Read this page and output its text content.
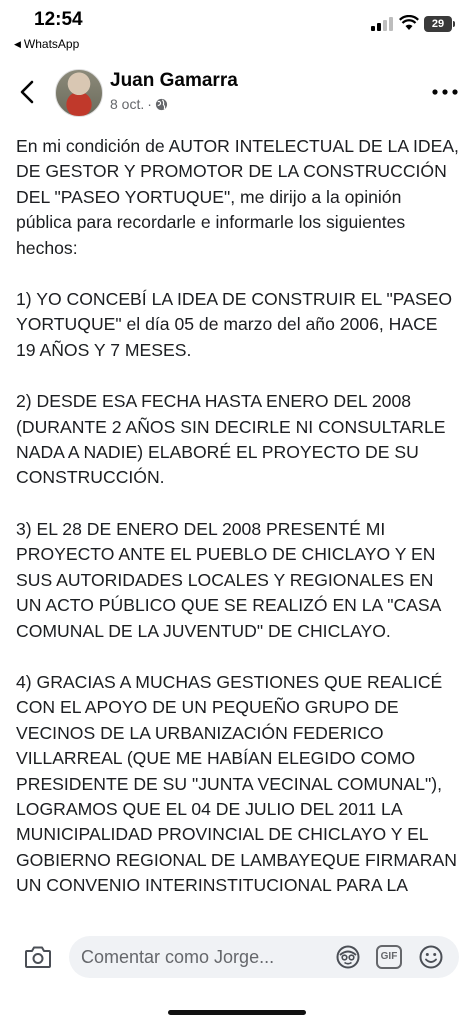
12:54
◀ WhatsApp
29
Juan Gamarra
8 oct. ·

En mi condición de AUTOR INTELECTUAL DE LA IDEA, DE GESTOR Y PROMOTOR DE LA CONSTRUCCIÓN DEL "PASEO YORTUQUE", me dirijo a la opinión pública para recordarle e informarle los siguientes hechos:

1) YO CONCEBÍ LA IDEA DE CONSTRUIR EL "PASEO YORTUQUE" el día 05 de marzo del año 2006, HACE 19 AÑOS Y 7 MESES.

2) DESDE ESA FECHA HASTA ENERO DEL 2008 (DURANTE 2 AÑOS SIN DECIRLE NI CONSULTARLE NADA A NADIE) ELABORÉ EL PROYECTO DE SU CONSTRUCCIÓN.

3) EL 28 DE ENERO DEL 2008 PRESENTÉ MI PROYECTO ANTE EL PUEBLO DE CHICLAYO Y EN SUS AUTORIDADES LOCALES Y REGIONALES EN UN ACTO PÚBLICO QUE SE REALIZÓ EN LA "CASA COMUNAL DE LA JUVENTUD" DE CHICLAYO.

4) GRACIAS A MUCHAS GESTIONES QUE REALICÉ CON EL APOYO DE UN PEQUEÑO GRUPO DE VECINOS DE LA URBANIZACIÓN FEDERICO VILLARREAL (QUE ME HABÍAN ELEGIDO COMO PRESIDENTE DE SU "JUNTA VECINAL COMUNAL"), LOGRAMOS QUE EL 04 DE JULIO DEL 2011 LA MUNICIPALIDAD PROVINCIAL DE CHICLAYO Y EL GOBIERNO REGIONAL DE LAMBAYEQUE FIRMARAN UN CONVENIO INTERINSTITUCIONAL PARA LA

Comentar como Jorge...	GIF
